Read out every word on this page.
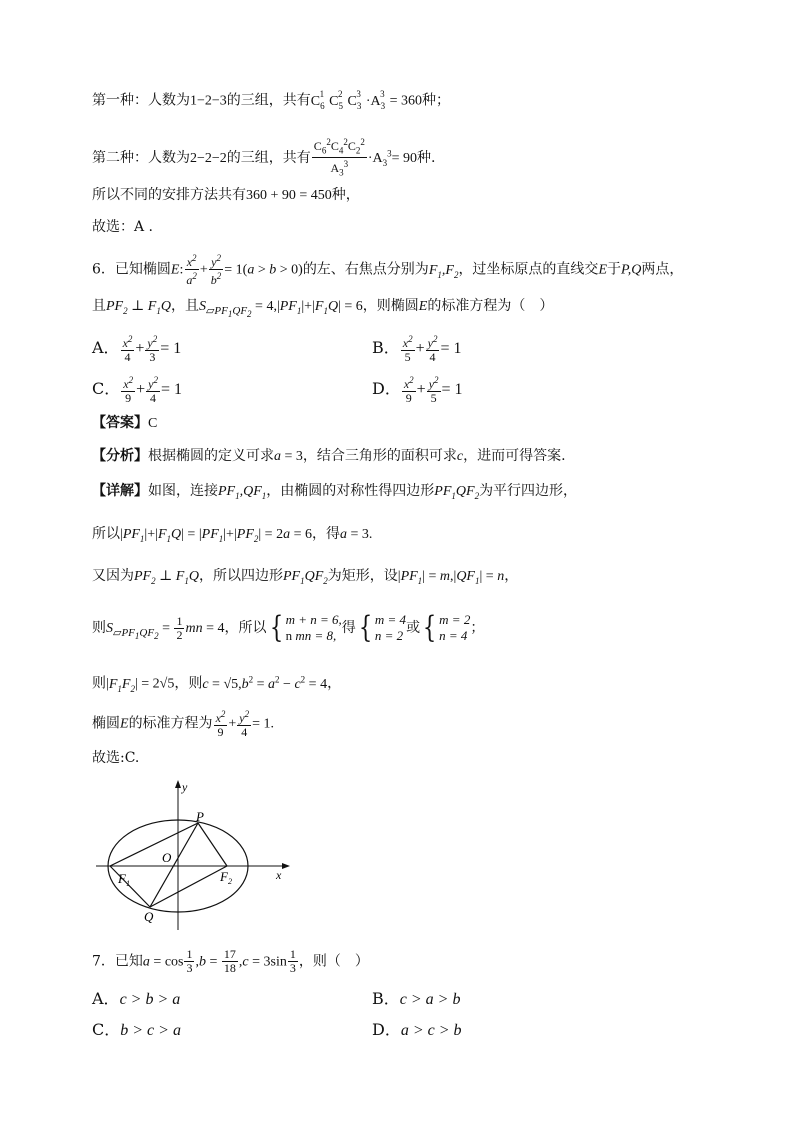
第一种：人数为1−2−3的三组，共有$C_6^1$ $C_5^2$ $C_3^3 \cdot A_3^3 = 360$种；
第二种：人数为2−2−2的三组，共有 $\frac{C_6^2C_4^2C_2^2}{A_3^3} \cdot A_3^3= 90$种.
所以不同的安排方法共有360 + 90 = 450种，
故选：A .
6．已知椭圆E: $\frac{x^2}{a^2} + \frac{y^2}{b^2} = 1(a > b > 0)$的左、右焦点分别为$F_1,F_2$，过坐标原点的直线交E于P,Q两点，
且$PF_2$ ⊥ $F_1Q$，且$S_{▱PF_1QF_2} = 4,|PF_1|+|F_1Q| = 6$，则椭圆E的标准方程为（　）
A． $\frac{x^2}{4} + \frac{y^2}{3} = 1$	B． $\frac{x^2}{5} + \frac{y^2}{4} = 1$
C． $\frac{x^2}{9} + \frac{y^2}{4} = 1$	D． $\frac{x^2}{9} + \frac{y^2}{5} = 1$
【答案】C
【分析】根据椭圆的定义可求a = 3，结合三角形的面积可求c，进而可得答案.
【详解】如图，连接$PF_1,QF_1$，由椭圆的对称性得四边形$PF_1QF_2$为平行四边形，
所以$|PF_1|+|F_1Q| = |PF_1|+|PF_2| = 2a = 6$，得a = 3.
又因为$PF_2$ ⊥ $F_1Q$，所以四边形$PF_1QF_2$为矩形，设$|PF_1| = m,|QF_1| = n$，
则$S_{▱PF_1QF_2} = \frac{1}{2}$ mn = 4，所以 { m + n = 6,
n mn = 8, 得 { m = 4
n = 2 或 { m = 2
n = 4 ；
则$|F_1F_2| = 2√5$，则$c = √5,b^2 = a^2 - c^2 = 4$，
椭圆E的标准方程为 $\frac{x^2}{9} + \frac{y^2}{4} = 1$.
故选:C.
y
x
P
O
$F_1$	$F_2$
Q
7．已知$a = \cos \frac{1}{3} ,b = \frac{17}{18} ,c = 3\sin \frac{1}{3}$ ，则（　）
A．c > b > a	B．c > a > b
C．b > c > a	D．a > c > b
